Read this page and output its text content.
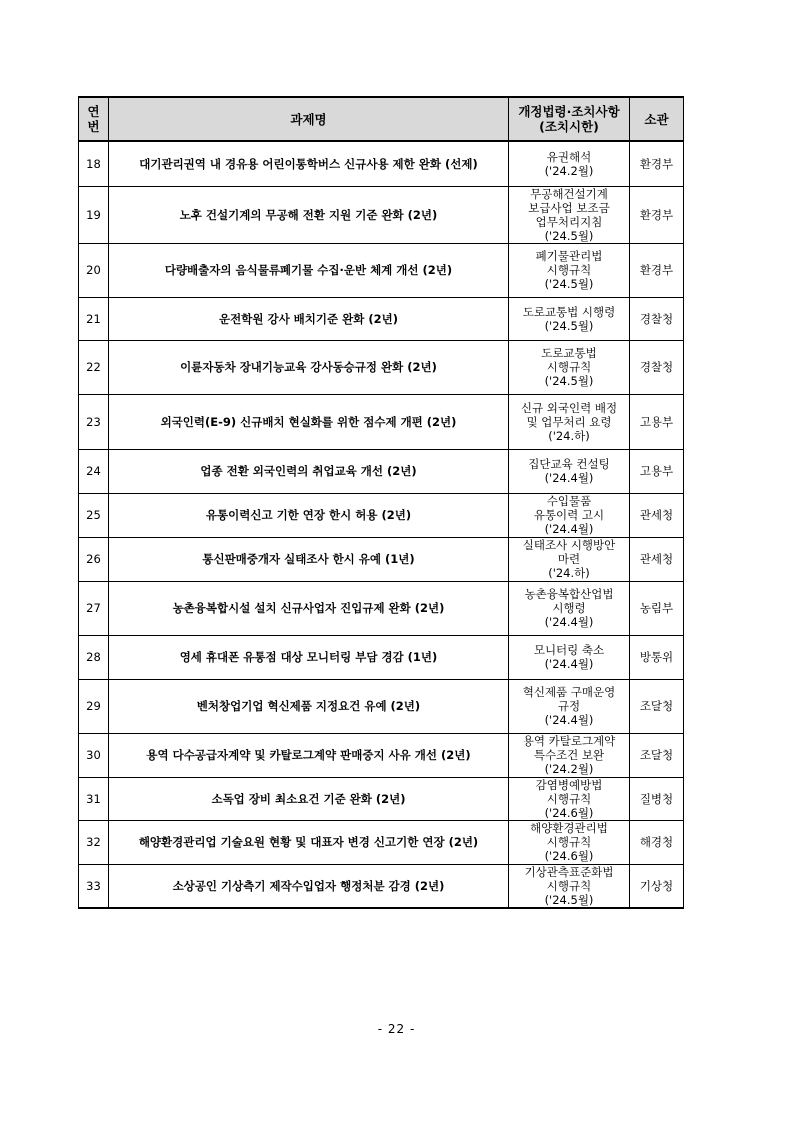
연번	과제명	개정법령·조치사항
(조치시한)	소관
18	대기관리권역 내 경유용 어린이통학버스 신규사용 제한 완화 (선제)	유권해석
('24.2월)	환경부
19	노후 건설기계의 무공해 전환 지원 기준 완화 (2년)	무공해건설기계
보급사업 보조금
업무처리지침
('24.5월)	환경부
20	다량배출자의 음식물류폐기물 수집·운반 체계 개선 (2년)	폐기물관리법
시행규칙
('24.5월)	환경부
21	운전학원 강사 배치기준 완화 (2년)	도로교통법 시행령
('24.5월)	경찰청
22	이륜자동차 장내기능교육 강사동승규정 완화 (2년)	도로교통법
시행규칙
('24.5월)	경찰청
23	외국인력(E-9) 신규배치 현실화를 위한 점수제 개편 (2년)	신규 외국인력 배정
및 업무처리 요령
('24.하)	고용부
24	업종 전환 외국인력의 취업교육 개선 (2년)	집단교육 컨설팅
('24.4월)	고용부
25	유통이력신고 기한 연장 한시 허용 (2년)	수입물품
유통이력 고시
('24.4월)	관세청
26	통신판매중개자 실태조사 한시 유예 (1년)	실태조사 시행방안
마련
('24.하)	관세청
27	농촌융복합시설 설치 신규사업자 진입규제 완화 (2년)	농촌융복합산업법
시행령
('24.4월)	농림부
28	영세 휴대폰 유통점 대상 모니터링 부담 경감 (1년)	모니터링 축소
('24.4월)	방통위
29	벤처창업기업 혁신제품 지정요건 유예 (2년)	혁신제품 구매운영
규정
('24.4월)	조달청
30	용역 다수공급자계약 및 카탈로그계약 판매중지 사유 개선 (2년)	용역 카탈로그계약
특수조건 보완
('24.2월)	조달청
31	소독업 장비 최소요건 기준 완화 (2년)	감염병예방법
시행규칙
('24.6월)	질병청
32	해양환경관리업 기술요원 현황 및 대표자 변경 신고기한 연장 (2년)	해양환경관리법
시행규칙
('24.6월)	해경청
33	소상공인 기상측기 제작수입업자 행정처분 감경 (2년)	기상관측표준화법
시행규칙
('24.5월)	기상청
- 22 -
